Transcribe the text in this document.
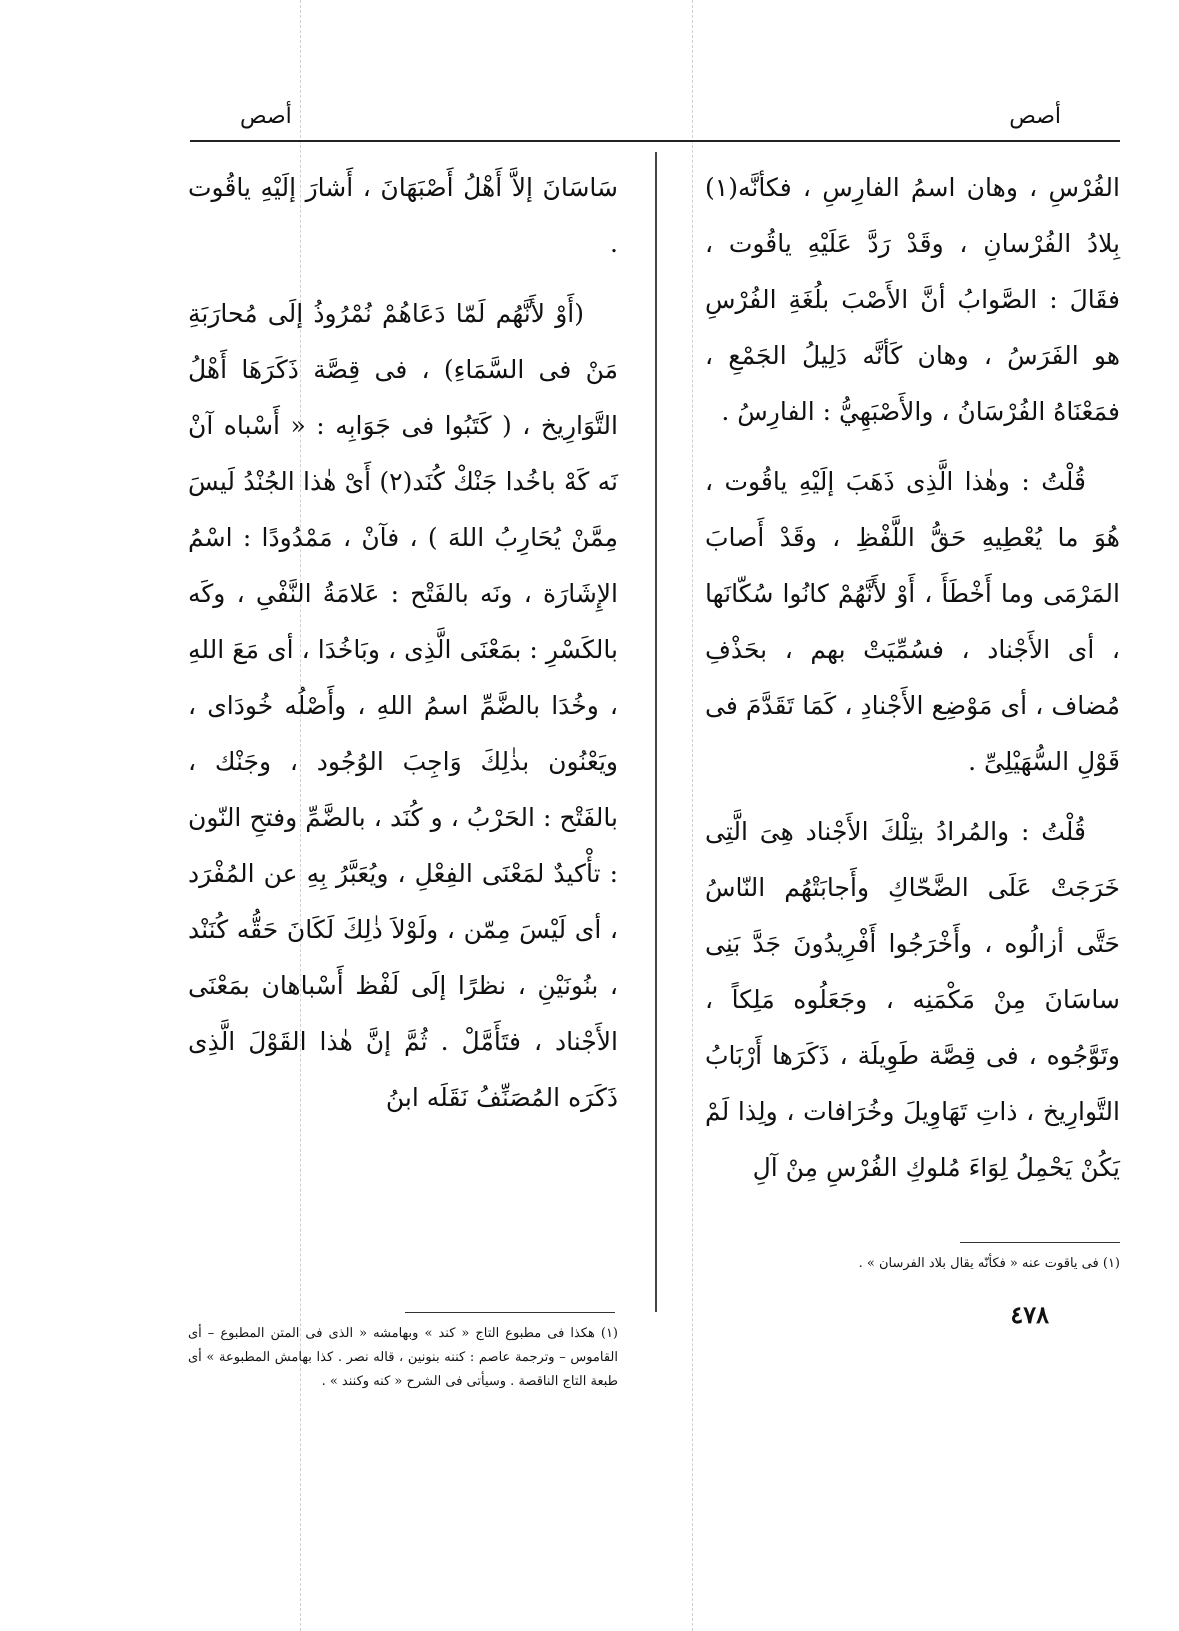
أصص
أصص

الفُرْسِ ، وهان اسمُ الفارِسِ ، فكأنَّه(١) بِلادُ الفُرْسانِ ، وقَدْ رَدَّ عَلَيْهِ ياقُوت ، فقَالَ : الصَّوابُ أنَّ الأَصْبَ بلُغَةِ الفُرْسِ هو الفَرَسُ ، وهان كَأنَّه دَلِيلُ الجَمْعِ ، فمَعْنَاهُ الفُرْسَانُ ، والأَصْبَهِيُّ : الفارِسُ .

قُلْتُ : وهٰذا الَّذِى ذَهَبَ إلَيْهِ ياقُوت ، هُوَ ما يُعْطِيهِ حَقُّ اللَّفْظِ ، وقَدْ أَصابَ المَرْمَى وما أَخْطَأَ ، أَوْ لأَنَّهُمْ كانُوا سُكّانَها ، أى الأَجْناد ، فسُمِّيَتْ بهم ، بحَذْفِ مُضاف ، أى مَوْضِع الأَجْنادِ ، كَمَا تَقَدَّمَ فى قَوْلِ السُّهَيْلِىِّ .

قُلْتُ : والمُرادُ بتِلْكَ الأَجْناد هِىَ الَّتِى خَرَجَتْ عَلَى الضَّحّاكِ وأَجابَتْهُم النّاسُ حَتَّى أزالُوه ، وأَخْرَجُوا أَفْرِيدُونَ جَدَّ بَنِى ساسَانَ مِنْ مَكْمَنِه ، وجَعَلُوه مَلِكاً ، وتَوَّجُوه ، فى قِصَّة طَوِيلَة ، ذَكَرَها أَرْبَابُ التَّوارِيخ ، ذاتِ تَهَاوِيلَ وخُرَافات ، ولِذا لَمْ يَكُنْ يَحْمِلُ لِوَاءَ مُلوكِ الفُرْسِ مِنْ آلِ

سَاسَانَ إلاَّ أَهْلُ أَصْبَهَانَ ، أَشارَ إلَيْهِ ياقُوت .

(أَوْ لأَنَّهُم لَمّا دَعَاهُمْ نُمْرُوذُ إلَى مُحارَبَةِ مَنْ فى السَّمَاءِ) ، فى قِصَّة ذَكَرَهَا أَهْلُ التَّوَارِيخ ، ( كَتَبُوا فى جَوَابِه : « أَسْباه آنْ نَه كَهْ باخُدا جَنْكْ كُنَد(٢) أَىْ هٰذا الجُنْدُ لَيسَ مِمَّنْ يُحَارِبُ اللهَ ) ، فآنْ ، مَمْدُودًا : اسْمُ الإِشَارَة ، ونَه بالفَتْح : عَلامَةُ النَّفْىِ ، وكَه بالكَسْرِ : بمَعْنَى الَّذِى ، وبَاخُدَا ، أى مَعَ اللهِ ، وخُدَا بالضَّمِّ اسمُ اللهِ ، وأَصْلُه خُودَاى ، ويَعْنُون بذٰلِكَ وَاجِبَ الوُجُود ، وجَنْك ، بالفَتْح : الحَرْبُ ، و كُنَد ، بالضَّمِّ وفتحِ النّون : تأْكيدٌ لمَعْنَى الفِعْلِ ، ويُعَبَّرُ بِهِ عن المُفْرَد ، أى لَيْسَ مِمّن ، ولَوْلاَ ذٰلِكَ لَكَانَ حَقُّه كُنَنْد ، بنُونَيْنِ ، نظرًا إلَى لَفْظ أَسْباهان بمَعْنَى الأَجْناد ، فتَأَمَّلْ . ثُمَّ إنَّ هٰذا القَوْلَ الَّذِى ذَكَرَه المُصَنِّفُ نَقَلَه ابنُ

(١) فى ياقوت عنه « فكأنّه يقال بلاد الفرسان » .
(١) هكذا فى مطبوع التاج « كند » وبهامشه « الذى فى المتن المطبوع – أى القاموس – وترجمة عاصم : كننه بنونين ، قاله نصر . كذا بهامش المطبوعة » أى طبعة التاج الناقصة . وسيأتى فى الشرح « كنه وكنند » .
٤٧٨
